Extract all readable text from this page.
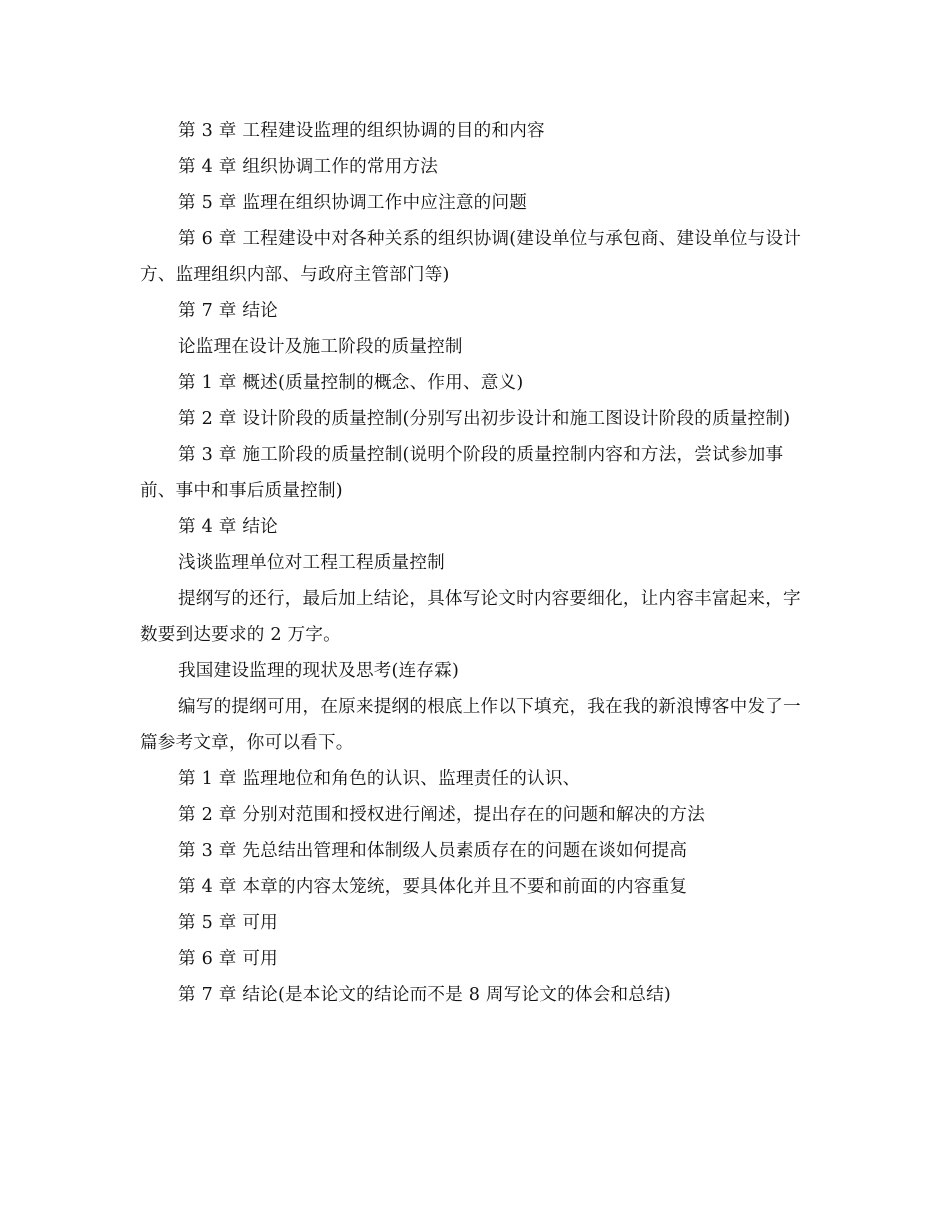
第 3 章 工程建设监理的组织协调的目的和内容

第 4 章 组织协调工作的常用方法

第 5 章 监理在组织协调工作中应注意的问题

第 6 章 工程建设中对各种关系的组织协调(建设单位与承包商、建设单位与设计方、监理组织内部、与政府主管部门等)

第 7 章 结论

论监理在设计及施工阶段的质量控制

第 1 章 概述(质量控制的概念、作用、意义)

第 2 章 设计阶段的质量控制(分别写出初步设计和施工图设计阶段的质量控制)

第 3 章 施工阶段的质量控制(说明个阶段的质量控制内容和方法，尝试参加事前、事中和事后质量控制)

第 4 章 结论

浅谈监理单位对工程工程质量控制

提纲写的还行，最后加上结论，具体写论文时内容要细化，让内容丰富起来，字数要到达要求的 2 万字。

我国建设监理的现状及思考(连存霖)

编写的提纲可用，在原来提纲的根底上作以下填充，我在我的新浪博客中发了一篇参考文章，你可以看下。

第 1 章 监理地位和角色的认识、监理责任的认识、

第 2 章 分别对范围和授权进行阐述，提出存在的问题和解决的方法

第 3 章 先总结出管理和体制级人员素质存在的问题在谈如何提高

第 4 章 本章的内容太笼统，要具体化并且不要和前面的内容重复

第 5 章 可用

第 6 章 可用

第 7 章 结论(是本论文的结论而不是 8 周写论文的体会和总结)
